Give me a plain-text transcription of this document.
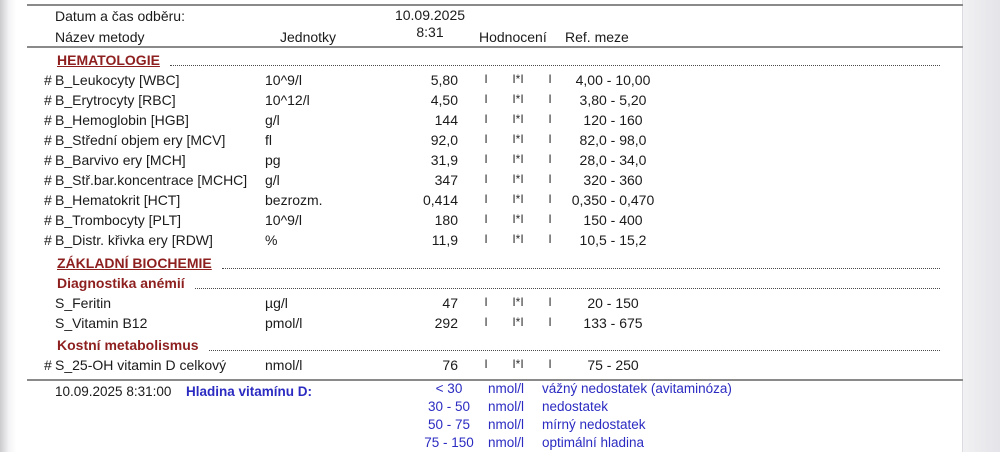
Datum a čas odběru:	10.09.2025
8:31
Název metody	Jednotky	Hodnocení Ref. meze
HEMATOLOGIE
# B_Leukocyty [WBC]	10^9/l	5,80	I	I*I	I	4,00 - 10,00
# B_Erytrocyty [RBC]	10^12/l	4,50	I	I*I	I	3,80 - 5,20
# B_Hemoglobin [HGB]	g/l	144	I	I*I	I	120 - 160
# B_Střední objem ery [MCV]	fl	92,0	I	I*I	I	82,0 - 98,0
# B_Barvivo ery [MCH]	pg	31,9	I	I*I	I	28,0 - 34,0
# B_Stř.bar.koncentrace [MCHC] g/l	347	I	I*I	I	320 - 360
# B_Hematokrit [HCT]	bezrozm.	0,414	I	I*I	I	0,350 - 0,470
# B_Trombocyty [PLT]	10^9/l	180	I	I*I	I	150 - 400
# B_Distr. křivka ery [RDW]	%	11,9	I	I*I	I	10,5 - 15,2
ZÁKLADNÍ BIOCHEMIE
Diagnostika anémií
S_Feritin	µg/l	47	I	I*I	I	20 - 150
S_Vitamin B12	pmol/l	292	I	I*I	I	133 - 675
Kostní metabolismus
# S_25-OH vitamin D celkový	nmol/l	76	I	I*I	I	75 - 250
10.09.2025 8:31:00 Hladina vitamínu D:	< 30	nmol/l vážný nedostatek (avitaminóza)
30 - 50	nmol/l nedostatek
50 - 75	nmol/l mírný nedostatek
75 - 150	nmol/l optimální hladina
